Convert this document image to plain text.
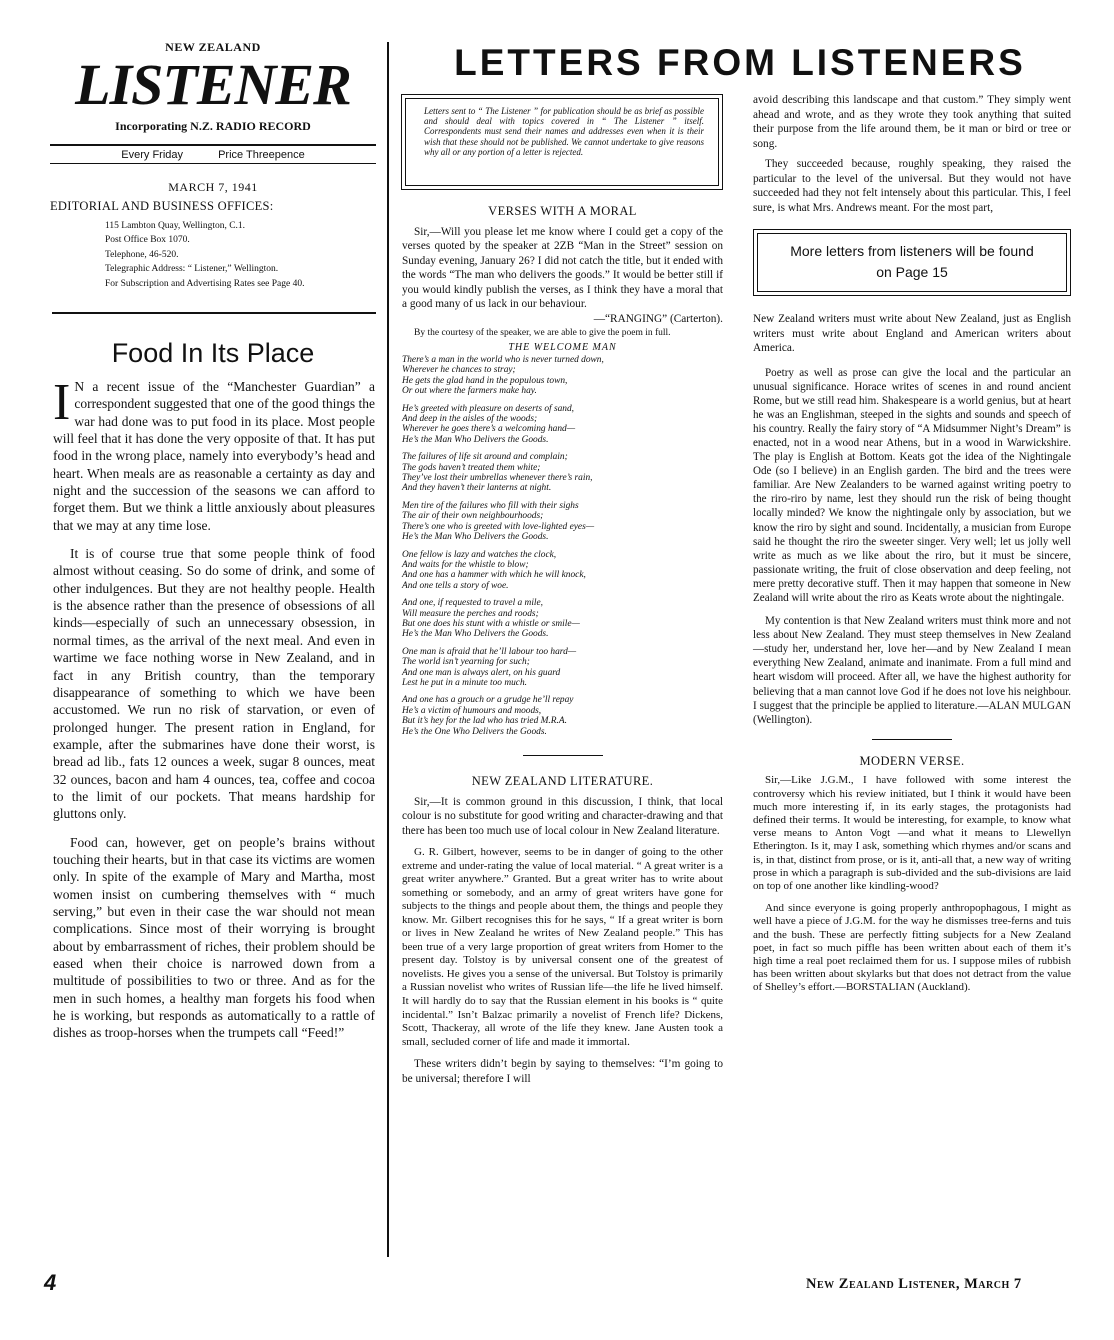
NEW ZEALAND

LISTENER

Incorporating N.Z. RADIO RECORD

Every Friday	Price Threepence

MARCH 7, 1941

EDITORIAL AND BUSINESS OFFICES:

115 Lambton Quay, Wellington, C.1.
Post Office Box 1070.
Telephone, 46-520.
Telegraphic Address: “ Listener,” Wellington.
For Subscription and Advertising Rates see Page 40.
Food In Its Place

I N a recent issue of the “Manchester Guardian” a correspondent suggested that one of the good things the war had done was to put food in its place. Most people will feel that it has done the very opposite of that. It has put food in the wrong place, namely into everybody’s head and heart. When meals are as reasonable a certainty as day and night and the succession of the seasons we can afford to forget them. But we think a little anxiously about pleasures that we may at any time lose.

It is of course true that some people think of food almost without ceasing. So do some of drink, and some of other indulgences. But they are not healthy people. Health is the absence rather than the presence of obsessions of all kinds—especially of such an unnecessary obsession, in normal times, as the arrival of the next meal. And even in wartime we face nothing worse in New Zealand, and in fact in any British country, than the temporary disappearance of something to which we have been accustomed. We run no risk of starvation, or even of prolonged hunger. The present ration in England, for example, after the submarines have done their worst, is bread ad lib., fats 12 ounces a week, sugar 8 ounces, meat 32 ounces, bacon and ham 4 ounces, tea, coffee and cocoa to the limit of our pockets. That means hardship for gluttons only.

Food can, however, get on people’s brains without touching their hearts, but in that case its victims are women only. In spite of the example of Mary and Martha, most women insist on cumbering themselves with “ much serving,” but even in their case the war should not mean complications. Since most of their worrying is brought about by embarrassment of riches, their problem should be eased when their choice is narrowed down from a multitude of possibilities to two or three. And as for the men in such homes, a healthy man forgets his food when he is working, but responds as automatically to a rattle of dishes as troop-horses when the trumpets call “Feed!”

LETTERS FROM LISTENERS
Letters sent to “ The Listener ” for publication should be as brief as possible and should deal with topics covered in “ The Listener ” itself. Correspondents must send their names and addresses even when it is their wish that these should not be published. We cannot undertake to give reasons why all or any portion of a letter is rejected.

VERSES WITH A MORAL

Sir,—Will you please let me know where I could get a copy of the verses quoted by the speaker at 2ZB “Man in the Street” session on Sunday evening, January 26? I did not catch the title, but it ended with the words “The man who delivers the goods.” It would be better still if you would kindly publish the verses, as I think they have a moral that a good many of us lack in our behaviour.

—“RANGING” (Carterton).

By the courtesy of the speaker, we are able to give the poem in full.

THE WELCOME MAN

There’s a man in the world who is never turned down,
Wherever he chances to stray;
He gets the glad hand in the populous town,
Or out where the farmers make hay.
He’s greeted with pleasure on deserts of sand,
And deep in the aisles of the woods;
Wherever he goes there’s a welcoming hand—
He’s the Man Who Delivers the Goods.
The failures of life sit around and complain;
The gods haven’t treated them white;
They’ve lost their umbrellas whenever there’s rain,
And they haven’t their lanterns at night.
Men tire of the failures who fill with their sighs
The air of their own neighbourhoods;
There’s one who is greeted with love-lighted eyes—
He’s the Man Who Delivers the Goods.
One fellow is lazy and watches the clock,
And waits for the whistle to blow;
And one has a hammer with which he will knock,
And one tells a story of woe.
And one, if requested to travel a mile,
Will measure the perches and roods;
But one does his stunt with a whistle or smile—
He’s the Man Who Delivers the Goods.
One man is afraid that he’ll labour too hard—
The world isn’t yearning for such;
And one man is always alert, on his guard
Lest he put in a minute too much.
And one has a grouch or a grudge he’ll repay
He’s a victim of humours and moods,
But it’s hey for the lad who has tried M.R.A.
He’s the One Who Delivers the Goods.

NEW ZEALAND LITERATURE.

Sir,—It is common ground in this discussion, I think, that local colour is no substitute for good writing and character-drawing and that there has been too much use of local colour in New Zealand literature.

G. R. Gilbert, however, seems to be in danger of going to the other extreme and under-rating the value of local material. “ A great writer is a great writer anywhere.” Granted. But a great writer has to write about something or somebody, and an army of great writers have gone for subjects to the things and people about them, the things and people they know. Mr. Gilbert recognises this for he says, “ If a great writer is born or lives in New Zealand he writes of New Zealand people.” This has been true of a very large proportion of great writers from Homer to the present day. Tolstoy is by universal consent one of the greatest of novelists. He gives you a sense of the universal. But Tolstoy is primarily a Russian novelist who writes of Russian life—the life he lived himself. It will hardly do to say that the Russian element in his books is “ quite incidental.” Isn’t Balzac primarily a novelist of French life? Dickens, Scott, Thackeray, all wrote of the life they knew. Jane Austen took a small, secluded corner of life and made it immortal.

These writers didn’t begin by saying to themselves: “I’m going to be universal; therefore I will

avoid describing this landscape and that custom.” They simply went ahead and wrote, and as they wrote they took anything that suited their purpose from the life around them, be it man or bird or tree or song.

They succeeded because, roughly speaking, they raised the particular to the level of the universal. But they would not have succeeded had they not felt intensely about this particular. This, I feel sure, is what Mrs. Andrews meant. For the most part,

More letters from listeners will be found
on Page 15

New Zealand writers must write about New Zealand, just as English writers must write about England and American writers about America.

Poetry as well as prose can give the local and the particular an unusual significance. Horace writes of scenes in and round ancient Rome, but we still read him. Shakespeare is a world genius, but at heart he was an Englishman, steeped in the sights and sounds and speech of his country. Really the fairy story of “A Midsummer Night’s Dream” is enacted, not in a wood near Athens, but in a wood in Warwickshire. The play is English at Bottom. Keats got the idea of the Nightingale Ode (so I believe) in an English garden. The bird and the trees were familiar. Are New Zealanders to be warned against writing poetry to the riro-riro by name, lest they should run the risk of being thought locally minded? We know the nightingale only by association, but we know the riro by sight and sound. Incidentally, a musician from Europe said he thought the riro the sweeter singer. Very well; let us jolly well write as much as we like about the riro, but it must be sincere, passionate writing, the fruit of close observation and deep feeling, not mere pretty decorative stuff. Then it may happen that someone in New Zealand will write about the riro as Keats wrote about the nightingale.

My contention is that New Zealand writers must think more and not less about New Zealand. They must steep themselves in New Zealand—study her, understand her, love her—and by New Zealand I mean everything New Zealand, animate and inanimate. From a full mind and heart wisdom will proceed. After all, we have the highest authority for believing that a man cannot love God if he does not love his neighbour. I suggest that the principle be applied to literature.—ALAN MULGAN (Wellington).

MODERN VERSE.

Sir,—Like J.G.M., I have followed with some interest the controversy which his review initiated, but I think it would have been much more interesting if, in its early stages, the protagonists had defined their terms. It would be interesting, for example, to know what verse means to Anton Vogt —and what it means to Llewellyn Etherington. Is it, may I ask, something which rhymes and/or scans and is, in that, distinct from prose, or is it, anti-all that, a new way of writing prose in which a paragraph is sub-divided and the sub-divisions are laid on top of one another like kindling-wood?

And since everyone is going properly anthropophagous, I might as well have a piece of J.G.M. for the way he dismisses tree-ferns and tuis and the bush. These are perfectly fitting subjects for a New Zealand poet, in fact so much piffle has been written about each of them it’s high time a real poet reclaimed them for us. I suppose miles of rubbish has been written about skylarks but that does not detract from the value of Shelley’s effort.—BORSTALIAN (Auckland).

4	New Zealand Listener, March 7
